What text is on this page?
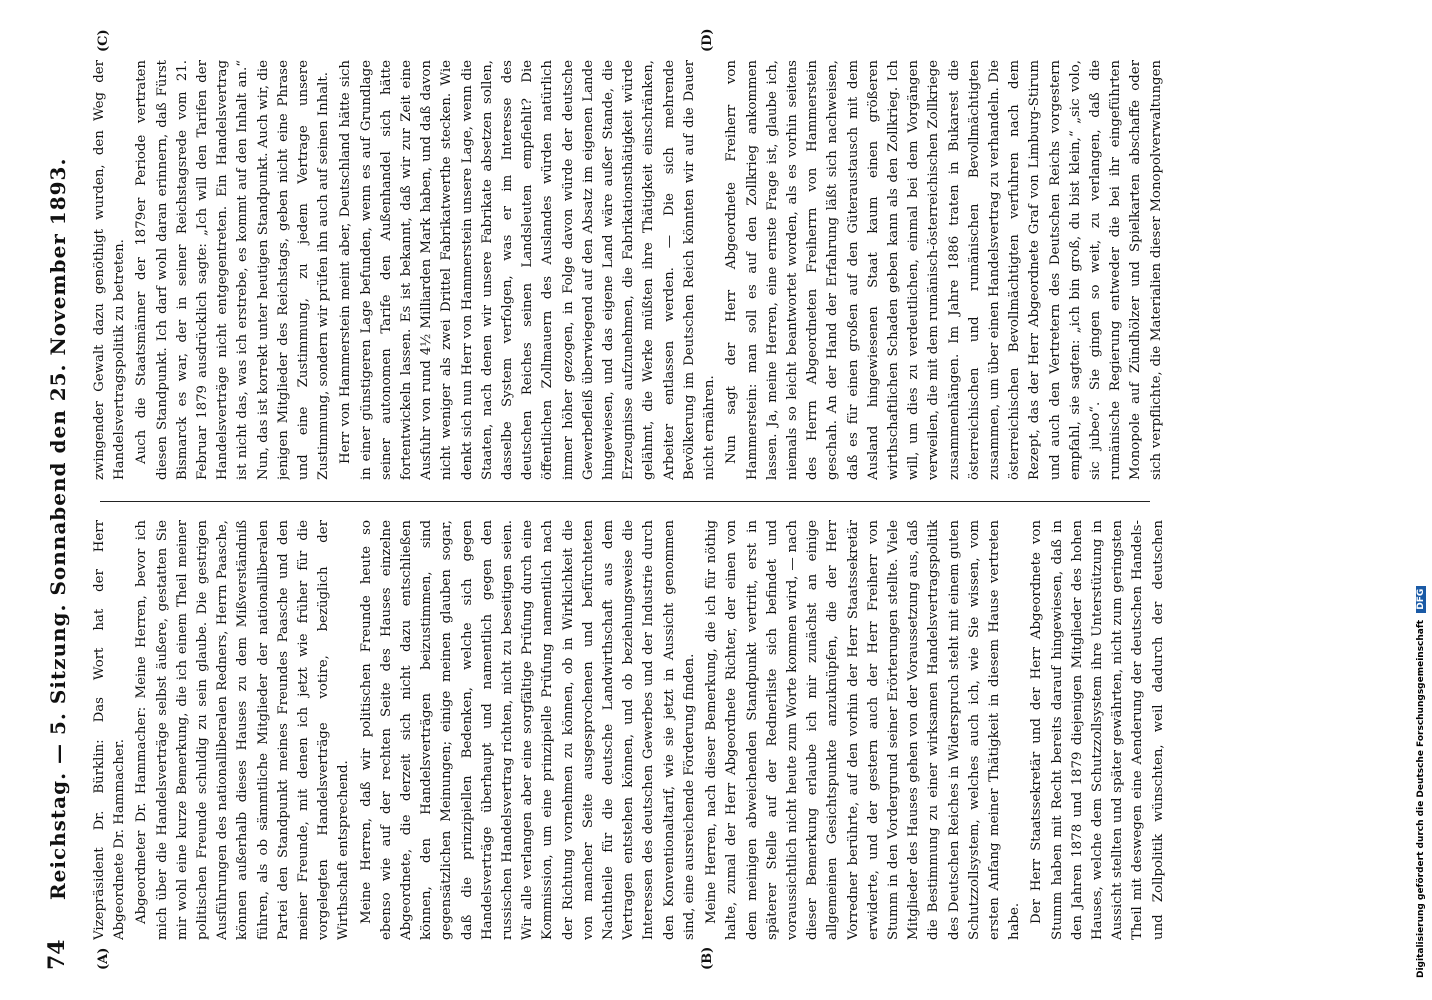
74
Reichstag. — 5. Sitzung. Sonnabend den 25. November 1893.
(A)	(B)
(C)	(D)

Vizepräsident Dr. Bürklin: Das Wort hat der Herr Abgeordnete Dr. Hammacher. Abgeordneter Dr. Hammacher: Meine Herren, bevor ich mich über die Handelsverträge selbst äußere, gestatten Sie mir wohl eine kurze Bemerkung, die ich einem Theil meiner politischen Freunde schuldig zu sein glaube. Die gestrigen Ausführungen des nationalliberalen Redners, Herrn Paasche, können außerhalb dieses Hauses zu dem Mißverständniß führen, als ob sämmtliche Mitglieder der nationalliberalen Partei den Standpunkt meines Freundes Paasche und den meiner Freunde, mit denen ich jetzt wie früher für die vorgelegten Handelsverträge votire, bezüglich der Wirthschaft entsprechend. Meine Herren, daß wir politischen Freunde heute so ebenso wie auf der rechten Seite des Hauses einzelne Abgeordnete, die derzeit sich nicht dazu entschließen können, den Handelsverträgen beizustimmen, sind gegensätzlichen Meinungen; einige meinen glauben sogar, daß die prinzipiellen Bedenken, welche sich gegen Handelsverträge überhaupt und namentlich gegen den russischen Handelsvertrag richten, nicht zu beseitigen seien. Wir alle verlangen aber eine sorgfältige Prüfung durch eine Kommission, um eine prinzipielle Prüfung namentlich nach der Richtung vornehmen zu können, ob in Wirklichkeit die von mancher Seite ausgesprochenen und befürchteten Nachtheile für die deutsche Landwirthschaft aus dem Vertragen entstehen können, und ob beziehungsweise die Interessen des deutschen Gewerbes und der Industrie durch den Konventionaltarif, wie sie jetzt in Aussicht genommen sind, eine ausreichende Förderung finden. Meine Herren, nach dieser Bemerkung, die ich für nöthig halte, zumal der Herr Abgeordnete Richter, der einen von dem meinigen abweichenden Standpunkt vertritt, erst in späterer Stelle auf der Rednerliste sich befindet und voraussichtlich nicht heute zum Worte kommen wird, — nach dieser Bemerkung erlaube ich mir zunächst an einige allgemeinen Gesichtspunkte anzuknüpfen, die der Herr Vorredner berührte, auf den vorhin der Herr Staatssekretär erwiderte, und der gestern auch der Herr Freiherr von Stumm in den Vordergrund seiner Erörterungen stellte. Viele Mitglieder des Hauses gehen von der Voraussetzung aus, daß die Bestimmung zu einer wirksamen Handelsvertragspolitik des Deutschen Reiches in Widerspruch steht mit einem guten Schutzzollsystem, welches auch ich, wie Sie wissen, vom ersten Anfang meiner Thätigkeit in diesem Hause vertreten habe. Der Herr Staatssekretär und der Herr Abgeordnete von Stumm haben mit Recht bereits darauf hingewiesen, daß in den Jahren 1878 und 1879 diejenigen Mitglieder des hohen Hauses, welche dem Schutzzollsystem ihre Unterstützung in Aussicht stellten und später gewährten, nicht zum geringsten Theil mit deswegen eine Aenderung der deutschen Handels- und Zollpolitik wünschten, weil dadurch der deutschen

zwingender Gewalt dazu genöthigt wurden, den Weg der Handelsvertragspolitik zu betreten. Auch die Staatsmänner der 1879er Periode vertraten diesen Standpunkt. Ich darf wohl daran erinnern, daß Fürst Bismarck es war, der in seiner Reichstagsrede vom 21. Februar 1879 ausdrücklich sagte: „Ich will den Tarifen der Handelsverträge nicht entgegentreten. Ein Handelsvertrag ist nicht das, was ich erstrebe, es kommt auf den Inhalt an.“ Nun, das ist korrekt unter heutigen Standpunkt. Auch wir, die jenigen Mitglieder des Reichstags, geben nicht eine Phrase und eine Zustimmung, zu jedem Vertrage unsere Zustimmung, sondern wir prüfen ihn auch auf seinen Inhalt. Herr von Hammerstein meint aber, Deutschland hätte sich in einer günstigeren Lage befunden, wenn es auf Grundlage seiner autonomen Tarife den Außenhandel sich hätte fortentwickeln lassen. Es ist bekannt, daß wir zur Zeit eine Ausfuhr von rund 4½ Milliarden Mark haben, und daß davon nicht weniger als zwei Drittel Fabrikatwerthe stecken. Wie denkt sich nun Herr von Hammerstein unsere Lage, wenn die Staaten, nach denen wir unsere Fabrikate absetzen sollen, dasselbe System verfolgen, was er im Interesse des deutschen Reiches seinen Landsleuten empfiehlt? Die öffentlichen Zollmauern des Auslandes würden natürlich immer höher gezogen, in Folge davon würde der deutsche Gewerbefleiß überwiegend auf den Absatz im eigenen Lande hingewiesen, und das eigene Land wäre außer Stande, die Erzeugnisse aufzunehmen, die Fabrikationsthätigkeit würde gelähmt, die Werke müßten ihre Thätigkeit einschränken, Arbeiter entlassen werden. — Die sich mehrende Bevölkerung im Deutschen Reich könnten wir auf die Dauer nicht ernähren. Nun sagt der Herr Abgeordnete Freiherr von Hammerstein: man soll es auf den Zollkrieg ankommen lassen. Ja, meine Herren, eine ernste Frage ist, glaube ich, niemals so leicht beantwortet worden, als es vorhin seitens des Herrn Abgeordneten Freiherrn von Hammerstein geschah. An der Hand der Erfahrung läßt sich nachweisen, daß es für einen großen auf den Güteraustausch mit dem Ausland hingewiesenen Staat kaum einen größeren wirthschaftlichen Schaden geben kann als den Zollkrieg. Ich will, um dies zu verdeutlichen, einmal bei dem Vorgängen verweilen, die mit dem rumänisch-österreichischen Zollkriege zusammenhängen. Im Jahre 1886 traten in Bukarest die österreichischen und rumänischen Bevollmächtigten zusammen, um über einen Handelsvertrag zu verhandeln. Die österreichischen Bevollmächtigten verfuhren nach dem Rezept, das der Herr Abgeordnete Graf von Limburg-Stirum und auch den Vertretern des Deutschen Reichs vorgestern empfahl, sie sagten: „ich bin groß, du bist klein,“ „sic volo, sic jubeo“. Sie gingen so weit, zu verlangen, daß die rumänische Regierung entweder die bei ihr eingeführten Monopole auf Zündhölzer und Spielkarten abschaffe oder sich verpflichte, die Materialien dieser Monopolverwaltungen

Digitalisierung gefördert durch die Deutsche Forschungsgemeinschaft DFG
